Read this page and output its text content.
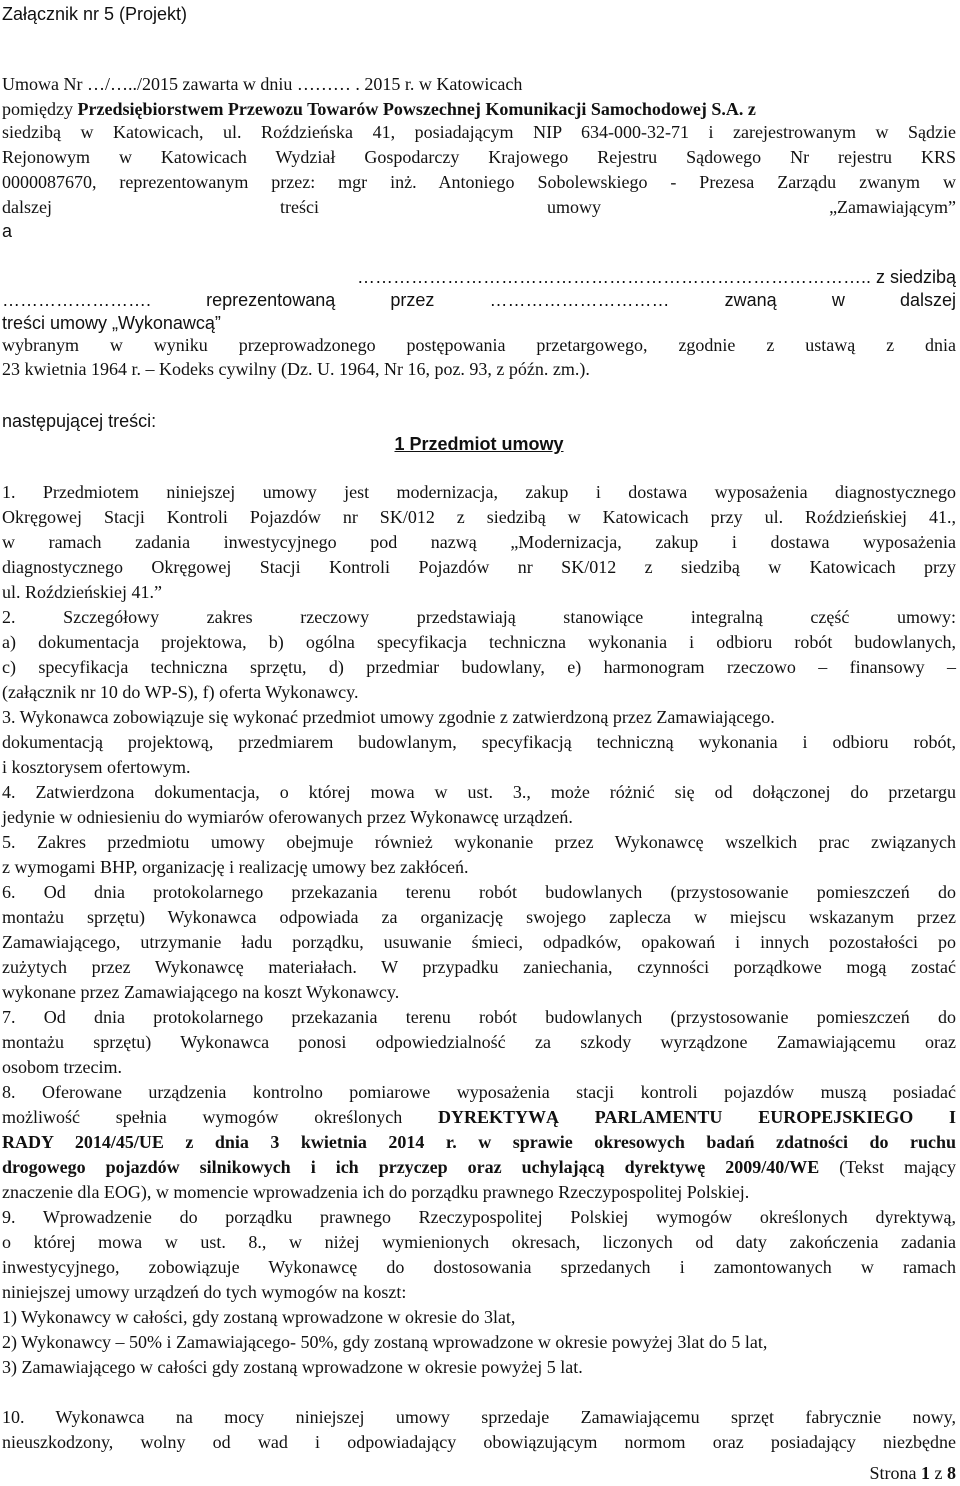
Załącznik nr 5 (Projekt)

Umowa Nr …/…../2015 zawarta w dniu ……… . 2015 r. w Katowicach

pomiędzy Przedsiębiorstwem Przewozu Towarów Powszechnej Komunikacji Samochodowej S.A. z

siedzibą w Katowicach, ul. Roździeńska 41, posiadającym NIP 634-000-32-71 i zarejestrowanym w Sądzie

Rejonowym w Katowicach Wydział Gospodarczy Krajowego Rejestru Sądowego Nr rejestru KRS

0000087670, reprezentowanym przez: mgr inż. Antoniego Sobolewskiego - Prezesa Zarządu zwanym w

dalszej treści umowy „Zamawiającym”

a

………………………………………………………………………….. z siedzibą

……………………. reprezentowaną przez ………………………… zwaną w dalszej

treści umowy „Wykonawcą”

wybranym w wyniku przeprowadzonego postępowania przetargowego, zgodnie z ustawą z dnia

23 kwietnia 1964 r. – Kodeks cywilny (Dz. U. 1964, Nr 16, poz. 93, z późn. zm.).

następującej treści:

1 Przedmiot umowy

1. Przedmiotem niniejszej umowy jest modernizacja, zakup i dostawa wyposażenia diagnostycznego

Okręgowej Stacji Kontroli Pojazdów nr SK/012 z siedzibą w Katowicach przy ul. Roździeńskiej 41.,

w ramach zadania inwestycyjnego pod nazwą „Modernizacja, zakup i dostawa wyposażenia

diagnostycznego Okręgowej Stacji Kontroli Pojazdów nr SK/012 z siedzibą w Katowicach przy

ul. Roździeńskiej 41.”

2. Szczegółowy zakres rzeczowy przedstawiają stanowiące integralną część umowy:

a) dokumentacja projektowa, b) ogólna specyfikacja techniczna wykonania i odbioru robót budowlanych,

c) specyfikacja techniczna sprzętu, d) przedmiar budowlany, e) harmonogram rzeczowo – finansowy –

(załącznik nr 10 do WP-S), f) oferta Wykonawcy.

3. Wykonawca zobowiązuje się wykonać przedmiot umowy zgodnie z zatwierdzoną przez Zamawiającego.

dokumentacją projektową, przedmiarem budowlanym, specyfikacją techniczną wykonania i odbioru robót,

i kosztorysem ofertowym.

4. Zatwierdzona dokumentacja, o której mowa w ust. 3., może różnić się od dołączonej do przetargu

jedynie w odniesieniu do wymiarów oferowanych przez Wykonawcę urządzeń.

5. Zakres przedmiotu umowy obejmuje również wykonanie przez Wykonawcę wszelkich prac związanych

z wymogami BHP, organizację i realizację umowy bez zakłóceń.

6. Od dnia protokolarnego przekazania terenu robót budowlanych (przystosowanie pomieszczeń do

montażu sprzętu) Wykonawca odpowiada za organizację swojego zaplecza w miejscu wskazanym przez

Zamawiającego, utrzymanie ładu porządku, usuwanie śmieci, odpadków, opakowań i innych pozostałości po

zużytych przez Wykonawcę materiałach. W przypadku zaniechania, czynności porządkowe mogą zostać

wykonane przez Zamawiającego na koszt Wykonawcy.

7. Od dnia protokolarnego przekazania terenu robót budowlanych (przystosowanie pomieszczeń do

montażu sprzętu) Wykonawca ponosi odpowiedzialność za szkody wyrządzone Zamawiającemu oraz

osobom trzecim.

8. Oferowane urządzenia kontrolno pomiarowe wyposażenia stacji kontroli pojazdów muszą posiadać

możliwość spełnia wymogów określonych DYREKTYWĄ PARLAMENTU EUROPEJSKIEGO I

RADY 2014/45/UE z dnia 3 kwietnia 2014 r. w sprawie okresowych badań zdatności do ruchu

drogowego pojazdów silnikowych i ich przyczep oraz uchylającą dyrektywę 2009/40/WE (Tekst mający

znaczenie dla EOG), w momencie wprowadzenia ich do porządku prawnego Rzeczypospolitej Polskiej.

9. Wprowadzenie do porządku prawnego Rzeczypospolitej Polskiej wymogów określonych dyrektywą,

o której mowa w ust. 8., w niżej wymienionych okresach, liczonych od daty zakończenia zadania

inwestycyjnego, zobowiązuje Wykonawcę do dostosowania sprzedanych i zamontowanych w ramach

niniejszej umowy urządzeń do tych wymogów na koszt:

1) Wykonawcy w całości, gdy zostaną wprowadzone w okresie do 3lat,

2) Wykonawcy – 50% i Zamawiającego- 50%, gdy zostaną wprowadzone w okresie powyżej 3lat do 5 lat,

3) Zamawiającego w całości gdy zostaną wprowadzone w okresie powyżej 5 lat.

10. Wykonawca na mocy niniejszej umowy sprzedaje Zamawiającemu sprzęt fabrycznie nowy,

nieuszkodzony, wolny od wad i odpowiadający obowiązującym normom oraz posiadający niezbędne

Strona 1 z 8
